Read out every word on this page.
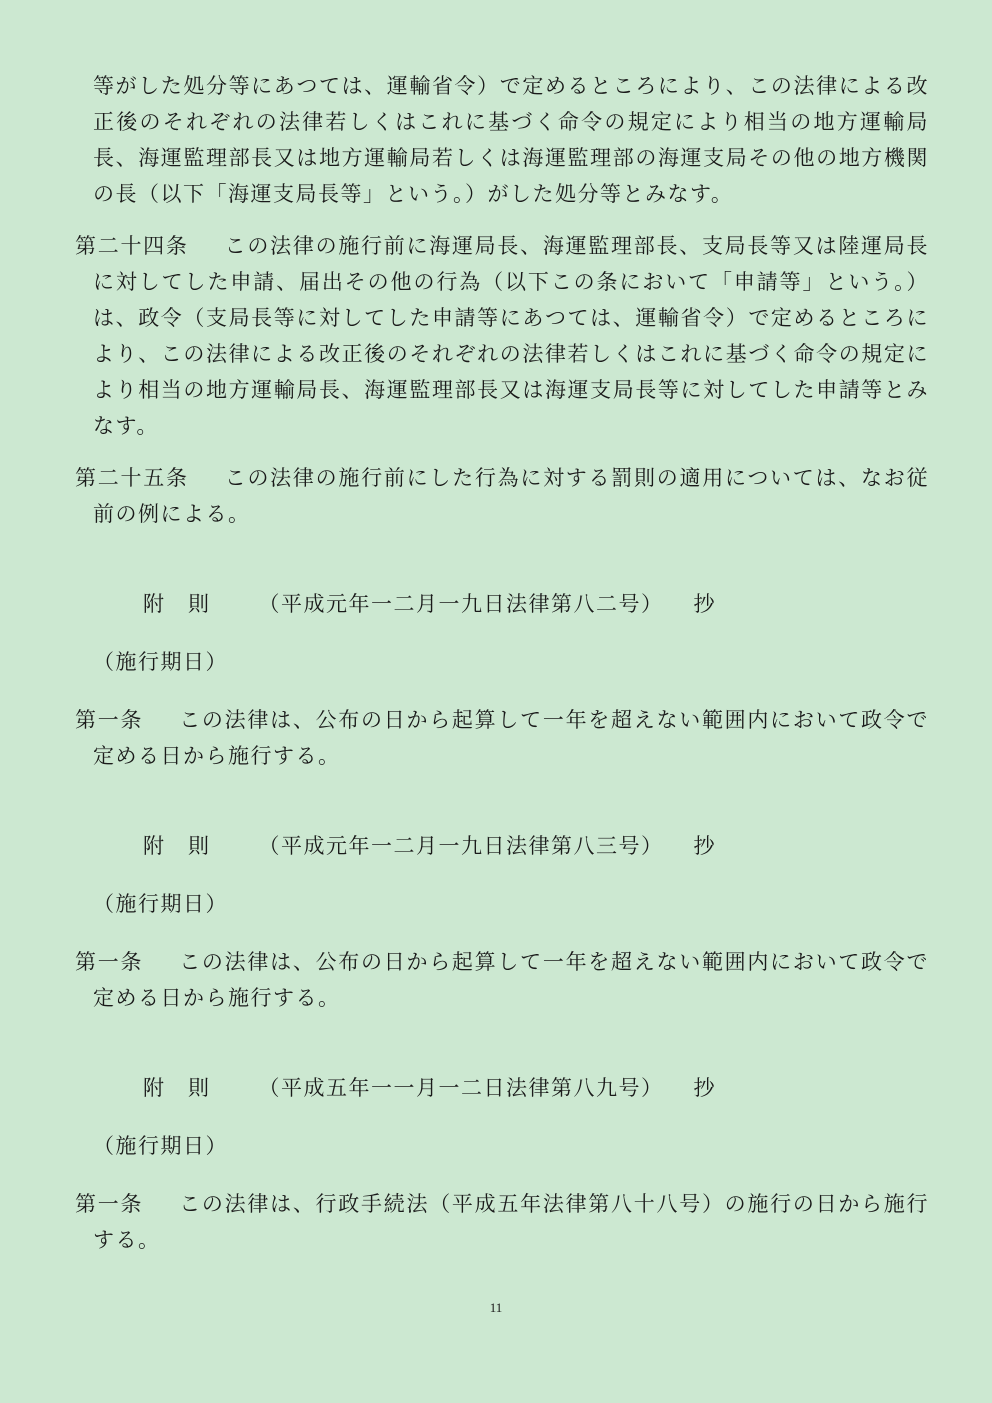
等がした処分等にあつては、運輸省令）で定めるところにより、この法律による改正後のそれぞれの法律若しくはこれに基づく命令の規定により相当の地方運輸局長、海運監理部長又は地方運輸局若しくは海運監理部の海運支局その他の地方機関の長（以下「海運支局長等」という。）がした処分等とみなす。
第二十四条 この法律の施行前に海運局長、海運監理部長、支局長等又は陸運局長に対してした申請、届出その他の行為（以下この条において「申請等」という。）は、政令（支局長等に対してした申請等にあつては、運輸省令）で定めるところにより、この法律による改正後のそれぞれの法律若しくはこれに基づく命令の規定により相当の地方運輸局長、海運監理部長又は海運支局長等に対してした申請等とみなす。
第二十五条 この法律の施行前にした行為に対する罰則の適用については、なお従前の例による。
附　則 （平成元年一二月一九日法律第八二号） 抄
（施行期日）
第一条 この法律は、公布の日から起算して一年を超えない範囲内において政令で定める日から施行する。
附　則 （平成元年一二月一九日法律第八三号） 抄
（施行期日）
第一条 この法律は、公布の日から起算して一年を超えない範囲内において政令で定める日から施行する。
附　則 （平成五年一一月一二日法律第八九号） 抄
（施行期日）
第一条 この法律は、行政手続法（平成五年法律第八十八号）の施行の日から施行する。
11
